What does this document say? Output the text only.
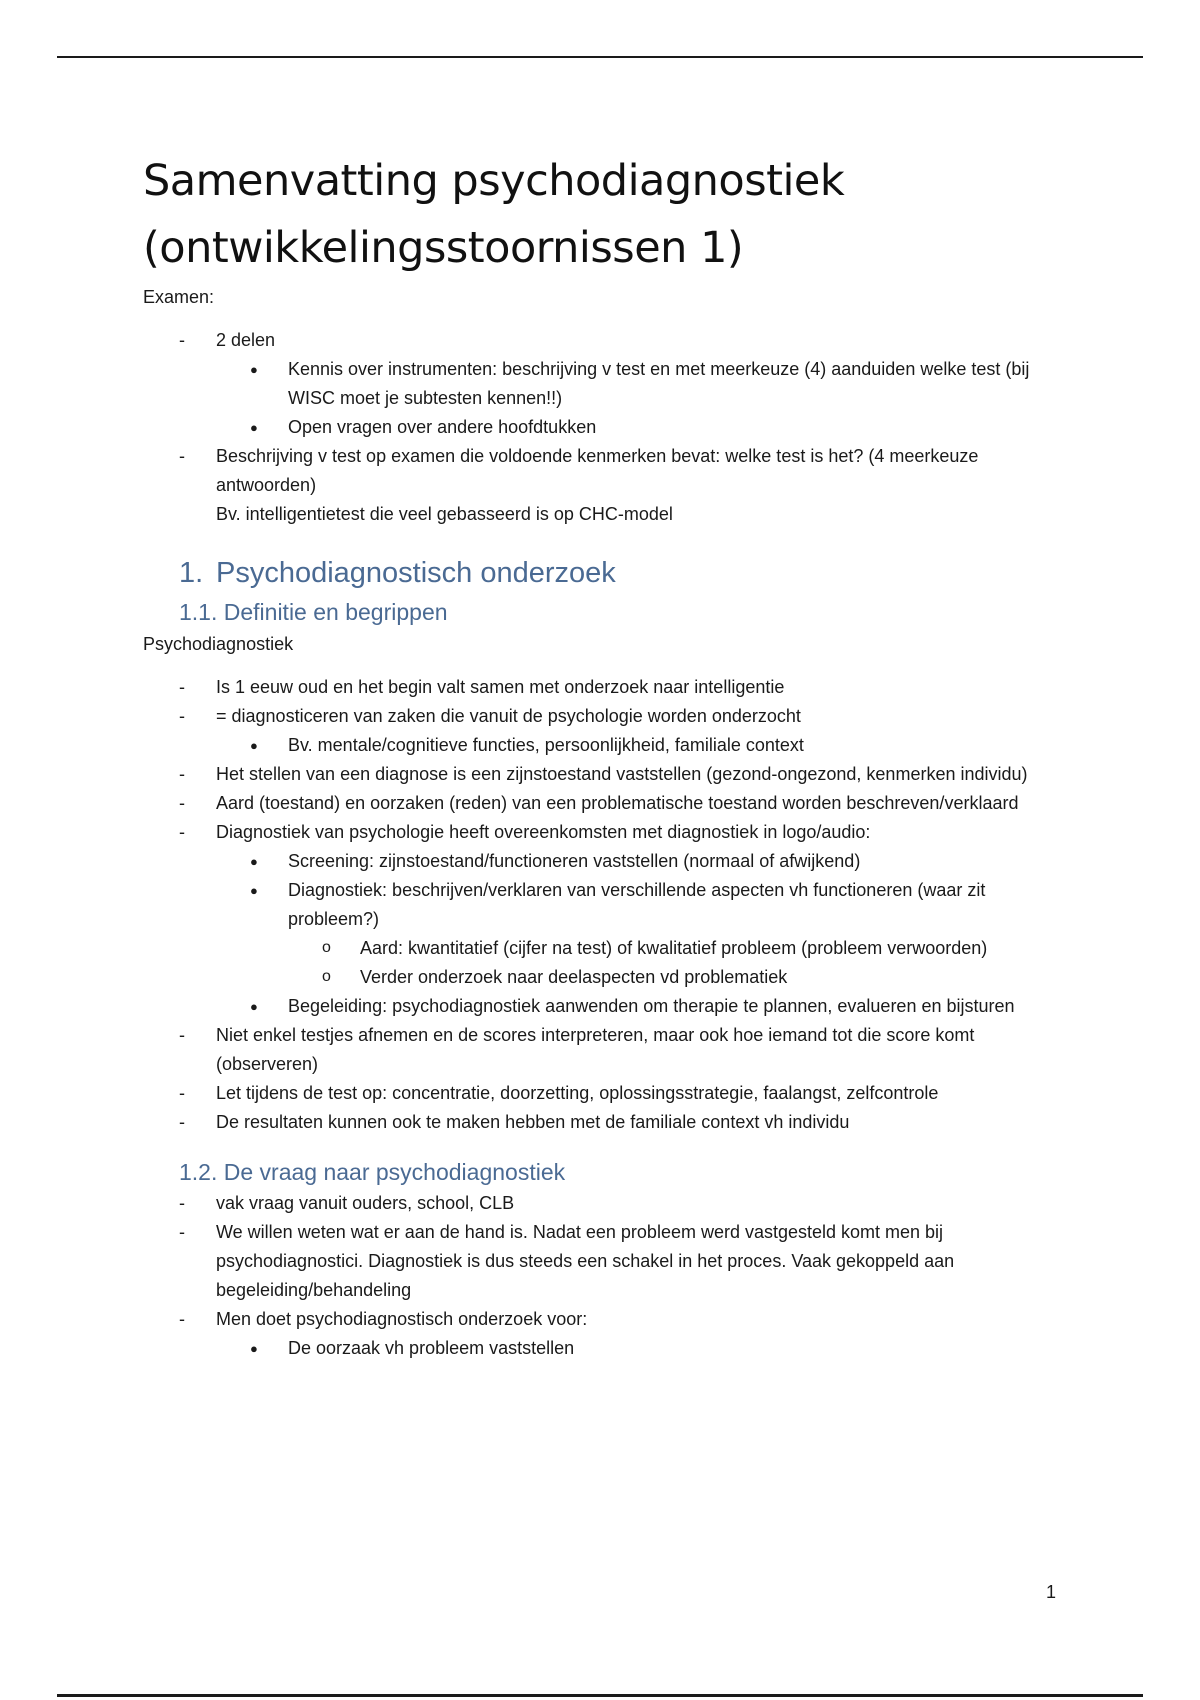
Samenvatting psychodiagnostiek
(ontwikkelingsstoornissen 1)

Examen:

- 2 delen
● Kennis over instrumenten: beschrijving v test en met meerkeuze (4) aanduiden welke test (bij WISC moet je subtesten kennen!!)
● Open vragen over andere hoofdtukken
- Beschrijving v test op examen die voldoende kenmerken bevat: welke test is het? (4 meerkeuze antwoorden)
Bv. intelligentietest die veel gebasseerd is op CHC-model
1. Psychodiagnostisch onderzoek
1.1. Definitie en begrippen

Psychodiagnostiek

- Is 1 eeuw oud en het begin valt samen met onderzoek naar intelligentie
- = diagnosticeren van zaken die vanuit de psychologie worden onderzocht
● Bv. mentale/cognitieve functies, persoonlijkheid, familiale context
- Het stellen van een diagnose is een zijnstoestand vaststellen (gezond-ongezond, kenmerken individu)
- Aard (toestand) en oorzaken (reden) van een problematische toestand worden beschreven/verklaard
- Diagnostiek van psychologie heeft overeenkomsten met diagnostiek in logo/audio:
● Screening: zijnstoestand/functioneren vaststellen (normaal of afwijkend)
● Diagnostiek: beschrijven/verklaren van verschillende aspecten vh functioneren (waar zit probleem?)
o Aard: kwantitatief (cijfer na test) of kwalitatief probleem (probleem verwoorden)
o Verder onderzoek naar deelaspecten vd problematiek
● Begeleiding: psychodiagnostiek aanwenden om therapie te plannen, evalueren en bijsturen
- Niet enkel testjes afnemen en de scores interpreteren, maar ook hoe iemand tot die score komt (observeren)
- Let tijdens de test op: concentratie, doorzetting, oplossingsstrategie, faalangst, zelfcontrole
- De resultaten kunnen ook te maken hebben met de familiale context vh individu
1.2. De vraag naar psychodiagnostiek
- vak vraag vanuit ouders, school, CLB
- We willen weten wat er aan de hand is. Nadat een probleem werd vastgesteld komt men bij psychodiagnostici. Diagnostiek is dus steeds een schakel in het proces. Vaak gekoppeld aan begeleiding/behandeling
- Men doet psychodiagnostisch onderzoek voor:
● De oorzaak vh probleem vaststellen
1
